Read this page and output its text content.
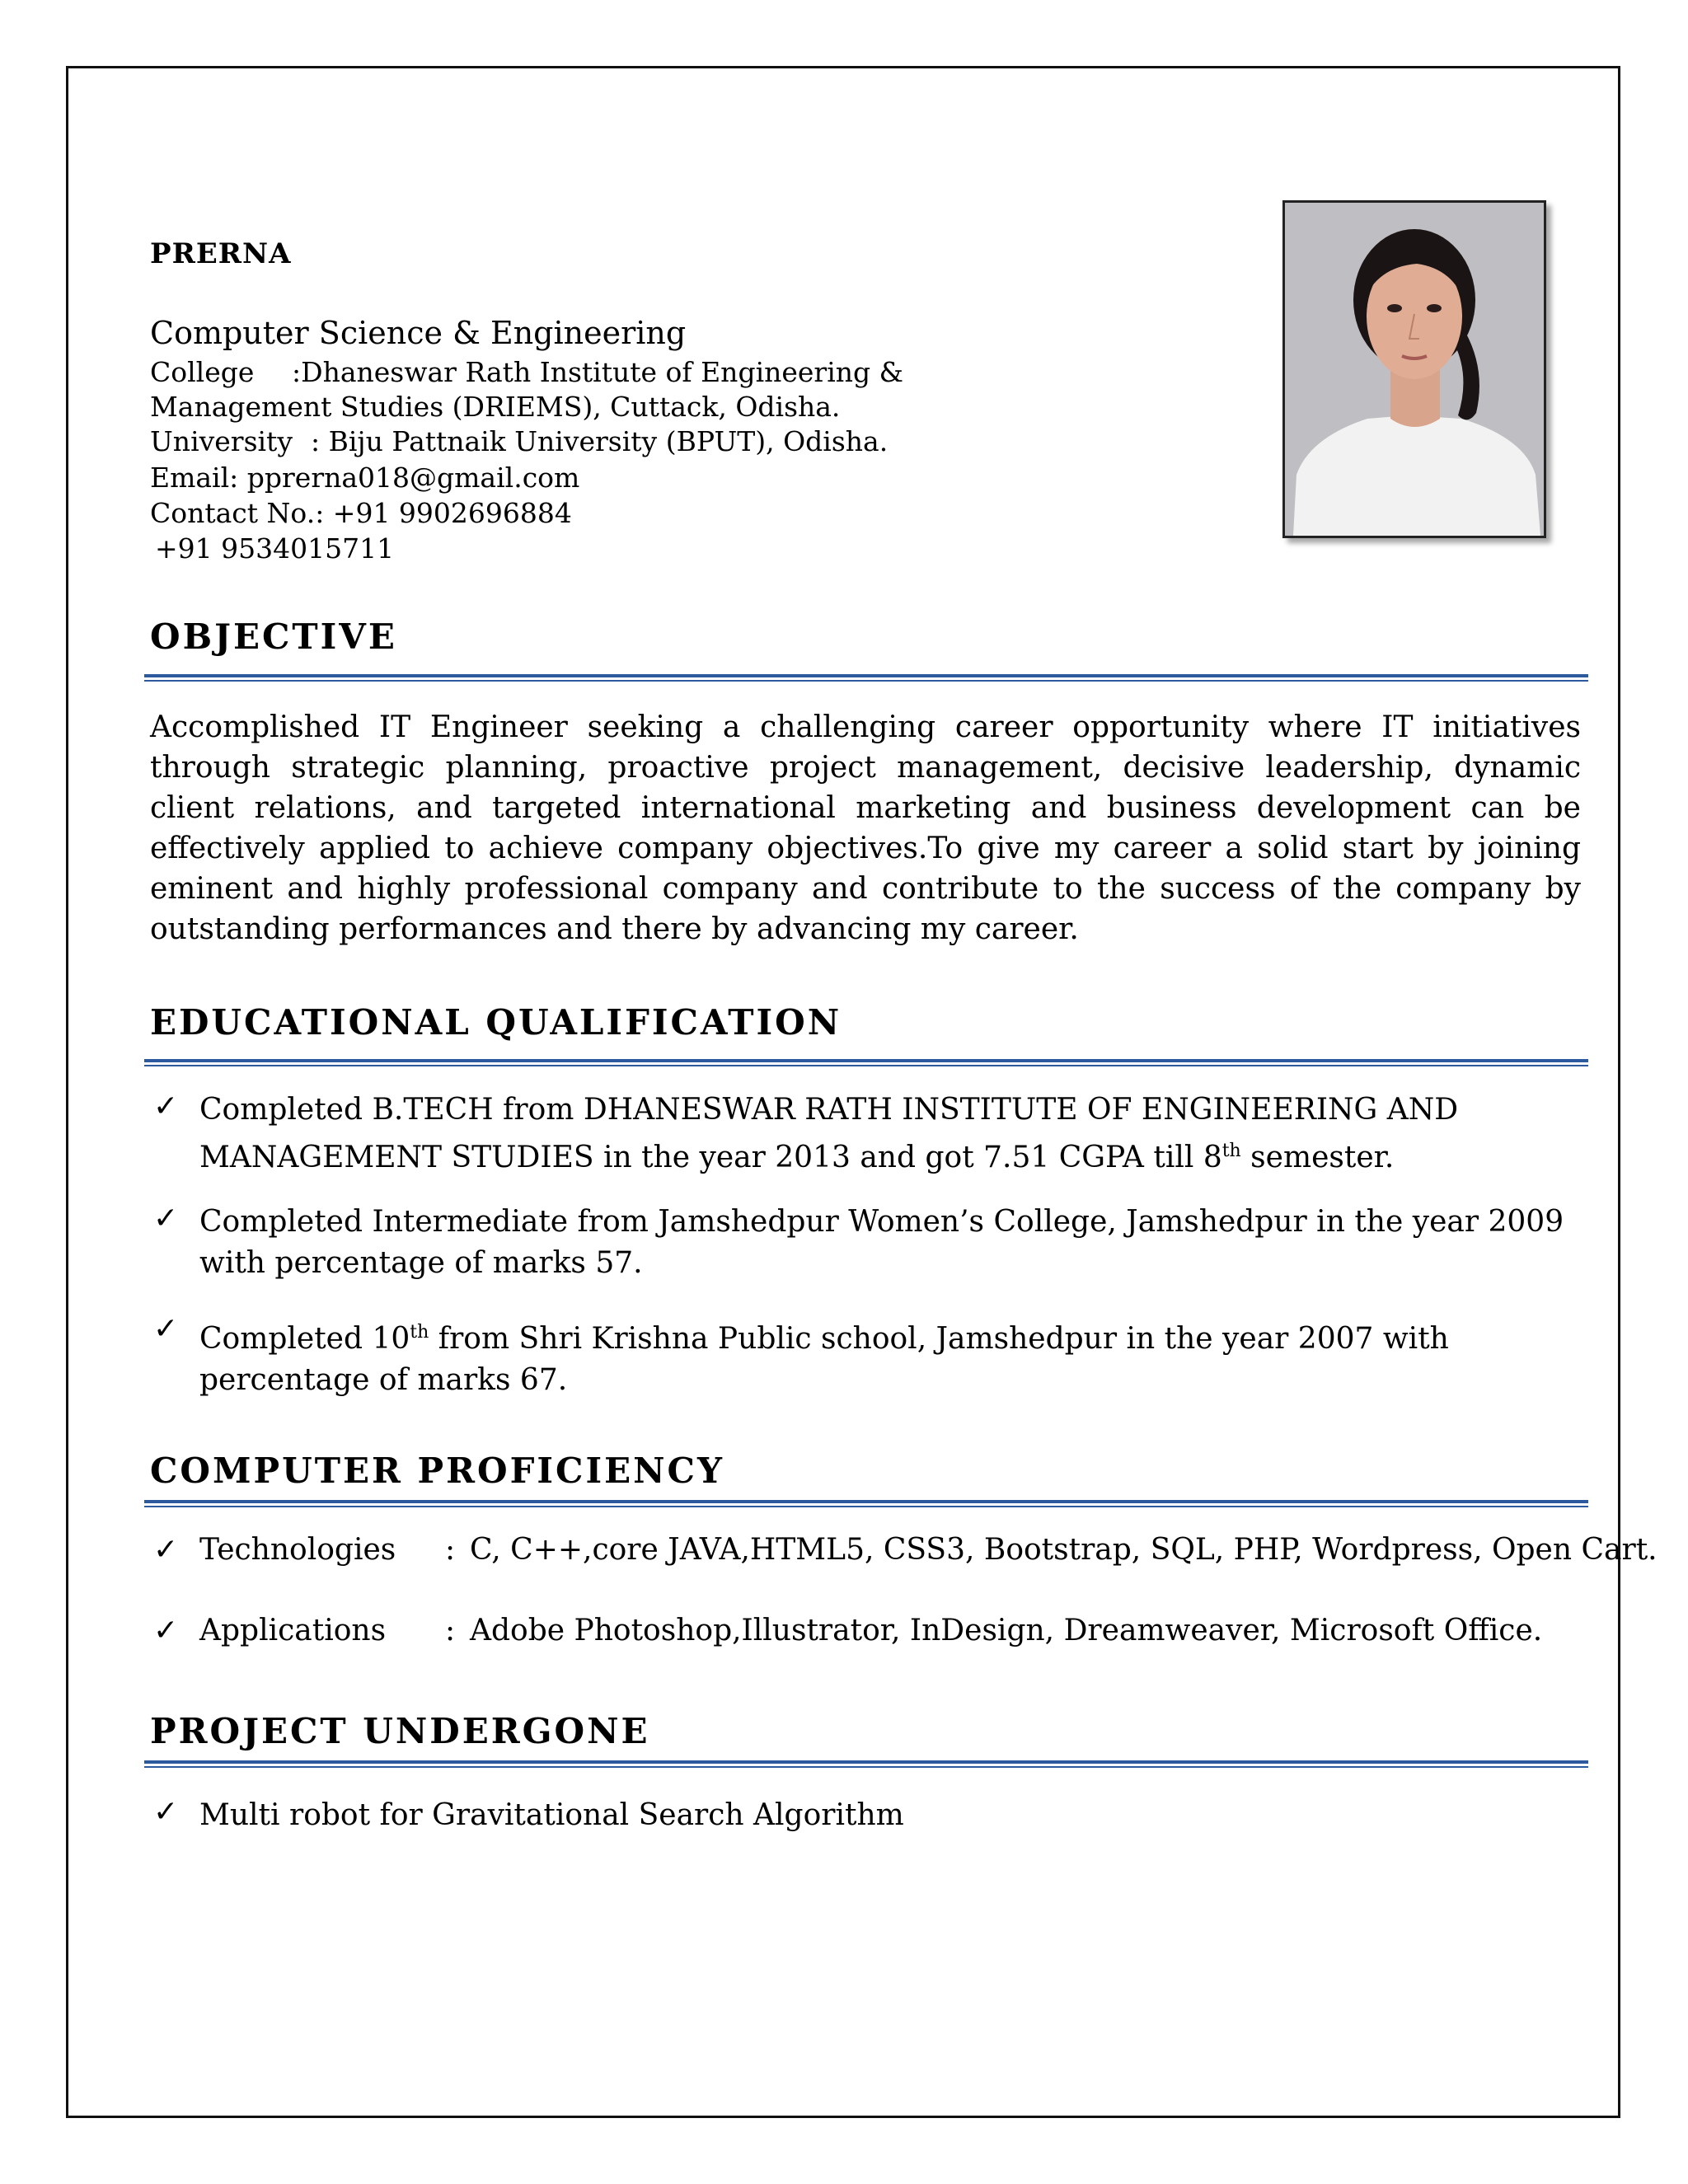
PRERNA
Computer Science & Engineering
College :Dhaneswar Rath Institute of Engineering &
Management Studies (DRIEMS), Cuttack, Odisha.
University : Biju Pattnaik University (BPUT), Odisha.
Email: pprerna018@gmail.com
Contact No.: +91 9902696884
+91 9534015711
OBJECTIVE
Accomplished IT Engineer seeking a challenging career opportunity where IT initiatives through strategic planning, proactive project management, decisive leadership, dynamic client relations, and targeted international marketing and business development can be effectively applied to achieve company objectives.To give my career a solid start by joining eminent and highly professional company and contribute to the success of the company by outstanding performances and there by advancing my career.
EDUCATIONAL QUALIFICATION
✓ Completed B.TECH from DHANESWAR RATH INSTITUTE OF ENGINEERING AND MANAGEMENT STUDIES in the year 2013 and got 7.51 CGPA till 8th semester.
✓ Completed Intermediate from Jamshedpur Women’s College, Jamshedpur in the year 2009 with percentage of marks 57.
✓ Completed 10th from Shri Krishna Public school, Jamshedpur in the year 2007 with percentage of marks 67.
COMPUTER PROFICIENCY
✓ Technologies : C, C++,core JAVA,HTML5, CSS3, Bootstrap, SQL, PHP, Wordpress, Open Cart.
✓ Applications : Adobe Photoshop,Illustrator, InDesign, Dreamweaver, Microsoft Office.
PROJECT UNDERGONE
✓ Multi robot for Gravitational Search Algorithm
